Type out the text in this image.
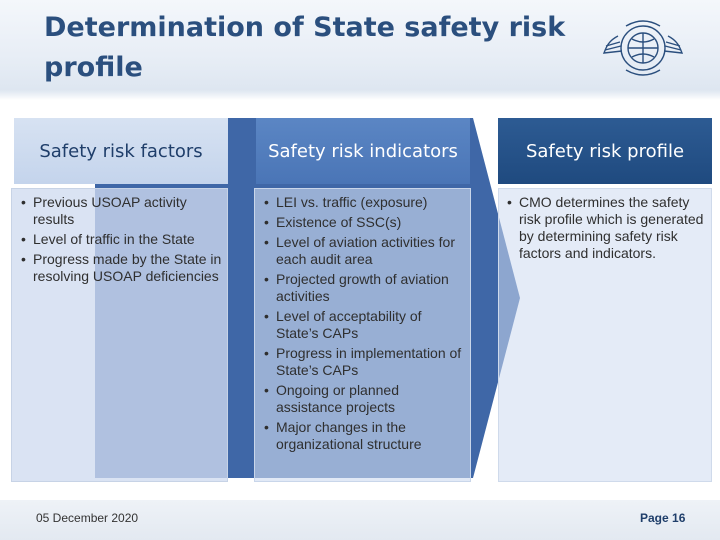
Determination of State safety risk profile
Safety risk factors	Safety risk indicators	Safety risk profile
• Previous USOAP activity results
• Level of traffic in the State
• Progress made by the State in resolving USOAP deficiencies
• LEI vs. traffic (exposure)
• Existence of SSC(s)
• Level of aviation activities for each audit area
• Projected growth of aviation activities
• Level of acceptability of State’s CAPs
• Progress in implementation of State’s CAPs
• Ongoing or planned assistance projects
• Major changes in the organizational structure
• CMO determines the safety risk profile which is generated by determining safety risk factors and indicators.
05 December 2020	Page 16
